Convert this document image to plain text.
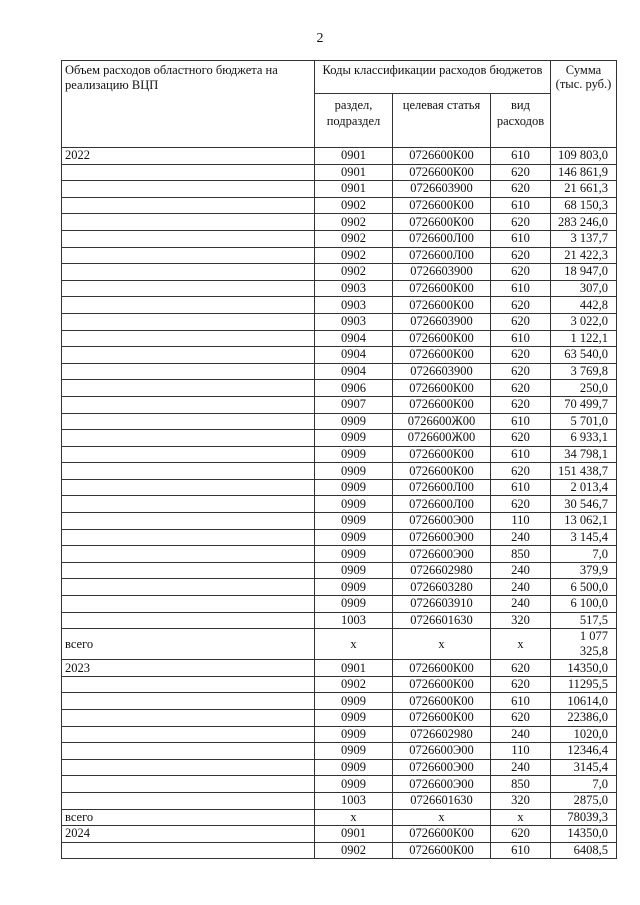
2
Объем расходов областного бюджета на реализацию ВЦП	Коды классификации расходов бюджетов			Сумма (тыс. руб.)
	раздел, подраздел	целевая статья	вид расходов	
2022	0901	0726600К00	610	109 803,0
	0901	0726600К00	620	146 861,9
	0901	0726603900	620	21 661,3
	0902	0726600К00	610	68 150,3
	0902	0726600К00	620	283 246,0
	0902	0726600Л00	610	3 137,7
	0902	0726600Л00	620	21 422,3
	0902	0726603900	620	18 947,0
	0903	0726600К00	610	307,0
	0903	0726600К00	620	442,8
	0903	0726603900	620	3 022,0
	0904	0726600К00	610	1 122,1
	0904	0726600К00	620	63 540,0
	0904	0726603900	620	3 769,8
	0906	0726600К00	620	250,0
	0907	0726600К00	620	70 499,7
	0909	0726600Ж00	610	5 701,0
	0909	0726600Ж00	620	6 933,1
	0909	0726600К00	610	34 798,1
	0909	0726600К00	620	151 438,7
	0909	0726600Л00	610	2 013,4
	0909	0726600Л00	620	30 546,7
	0909	0726600Э00	110	13 062,1
	0909	0726600Э00	240	3 145,4
	0909	0726600Э00	850	7,0
	0909	0726602980	240	379,9
	0909	0726603280	240	6 500,0
	0909	0726603910	240	6 100,0
	1003	0726601630	320	517,5
всего	х	х	х	1 077 325,8
2023	0901	0726600К00	620	14350,0
	0902	0726600К00	620	11295,5
	0909	0726600К00	610	10614,0
	0909	0726600К00	620	22386,0
	0909	0726602980	240	1020,0
	0909	0726600Э00	110	12346,4
	0909	0726600Э00	240	3145,4
	0909	0726600Э00	850	7,0
	1003	0726601630	320	2875,0
всего	х	х	х	78039,3
2024	0901	0726600К00	620	14350,0
	0902	0726600К00	610	6408,5
